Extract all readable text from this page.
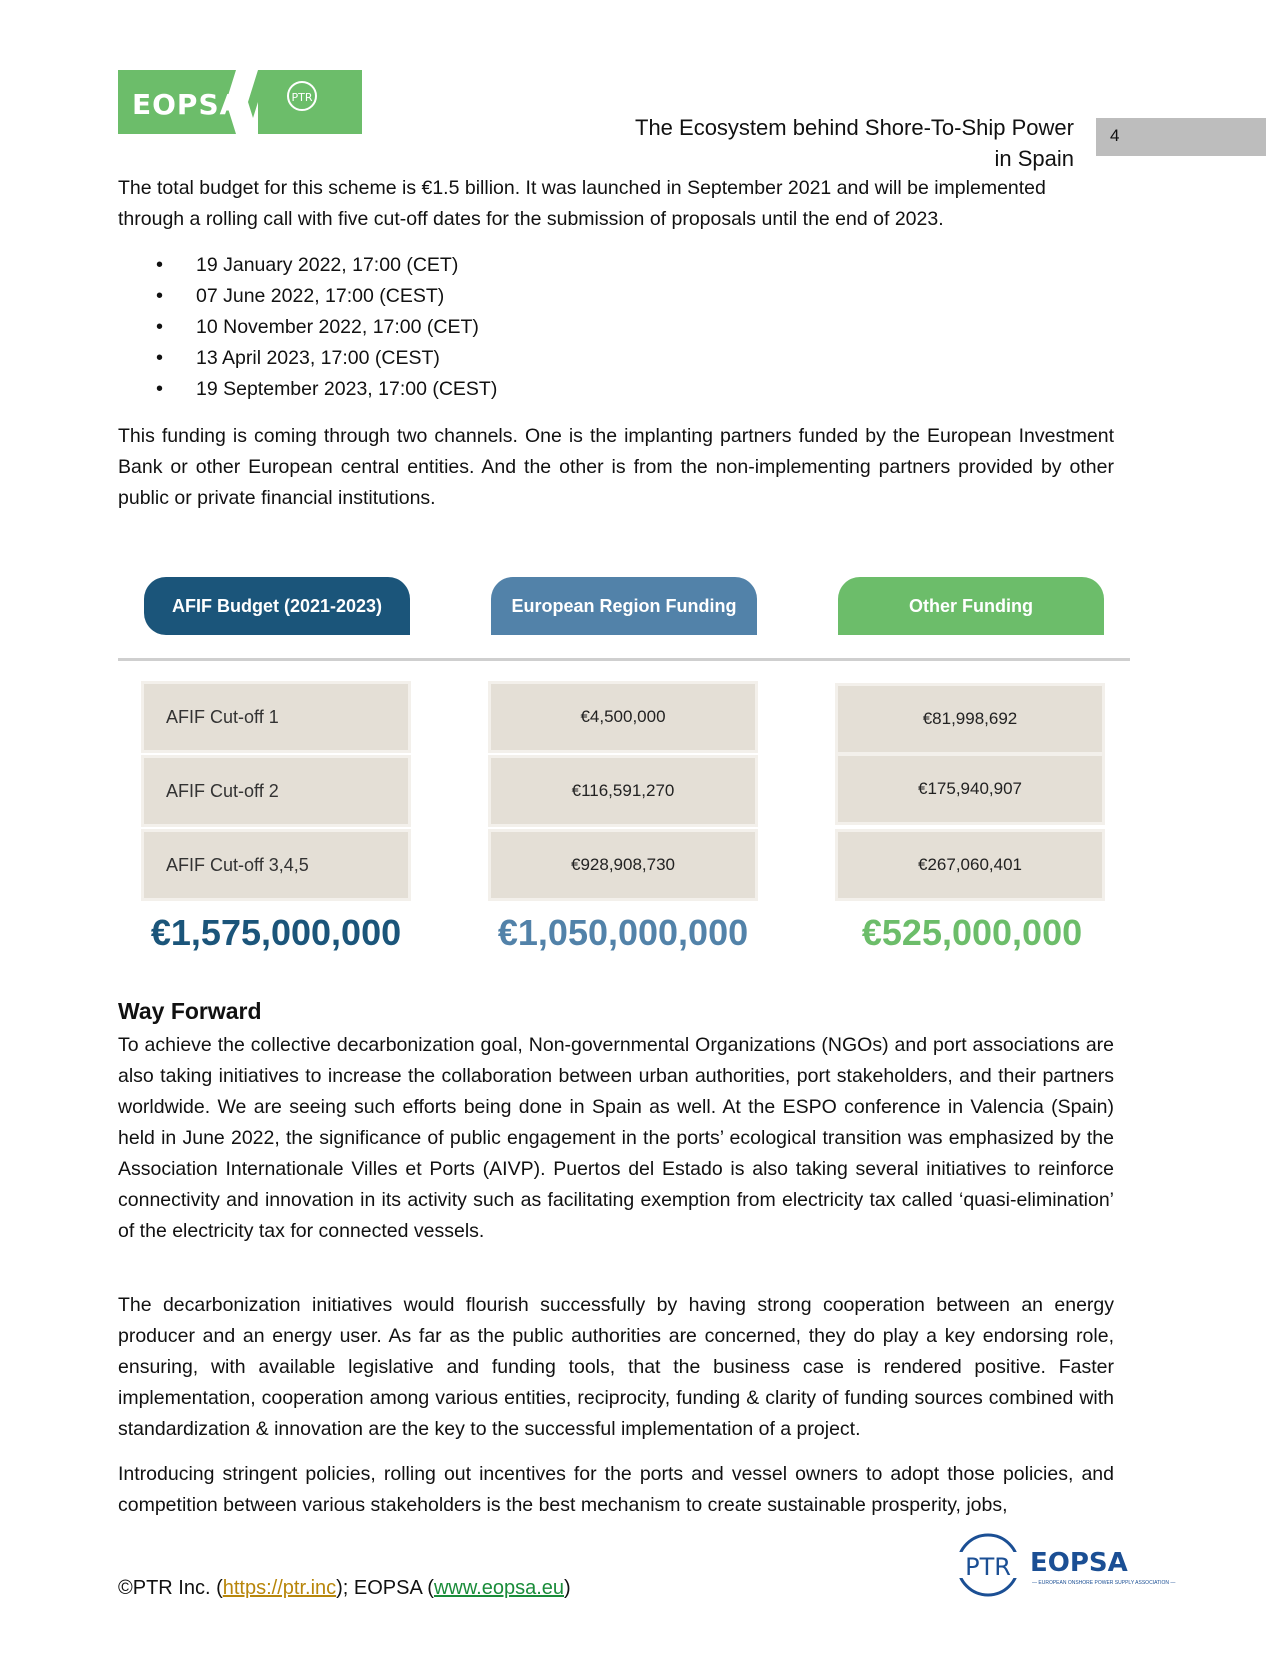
PTR
EOPSA
The Ecosystem behind Shore-To-Ship Power
in Spain
4
The total budget for this scheme is €1.5 billion. It was launched in September 2021 and will be implemented through a rolling call with five cut-off dates for the submission of proposals until the end of 2023.
• 19 January 2022, 17:00 (CET)
• 07 June 2022, 17:00 (CEST)
• 10 November 2022, 17:00 (CET)
• 13 April 2023, 17:00 (CEST)
• 19 September 2023, 17:00 (CEST)
This funding is coming through two channels. One is the implanting partners funded by the European Investment Bank or other European central entities. And the other is from the non-implementing partners provided by other public or private financial institutions.
AFIF Budget (2021-2023)	European Region Funding	Other Funding
AFIF Cut-off 1	€4,500,000	€81,998,692
AFIF Cut-off 2	€116,591,270	€175,940,907
AFIF Cut-off 3,4,5	€928,908,730	€267,060,401
€1,575,000,000	€1,050,000,000	€525,000,000
Way Forward
To achieve the collective decarbonization goal, Non-governmental Organizations (NGOs) and port associations are also taking initiatives to increase the collaboration between urban authorities, port stakeholders, and their partners worldwide. We are seeing such efforts being done in Spain as well. At the ESPO conference in Valencia (Spain) held in June 2022, the significance of public engagement in the ports’ ecological transition was emphasized by the Association Internationale Villes et Ports (AIVP). Puertos del Estado is also taking several initiatives to reinforce connectivity and innovation in its activity such as facilitating exemption from electricity tax called ‘quasi-elimination’ of the electricity tax for connected vessels.
The decarbonization initiatives would flourish successfully by having strong cooperation between an energy producer and an energy user. As far as the public authorities are concerned, they do play a key endorsing role, ensuring, with available legislative and funding tools, that the business case is rendered positive. Faster implementation, cooperation among various entities, reciprocity, funding & clarity of funding sources combined with standardization & innovation are the key to the successful implementation of a project.
Introducing stringent policies, rolling out incentives for the ports and vessel owners to adopt those policies, and competition between various stakeholders is the best mechanism to create sustainable prosperity, jobs,
©PTR Inc. (https://ptr.inc); EOPSA (www.eopsa.eu)
PTR EOPSA
— EUROPEAN ONSHORE POWER SUPPLY ASSOCIATION —
